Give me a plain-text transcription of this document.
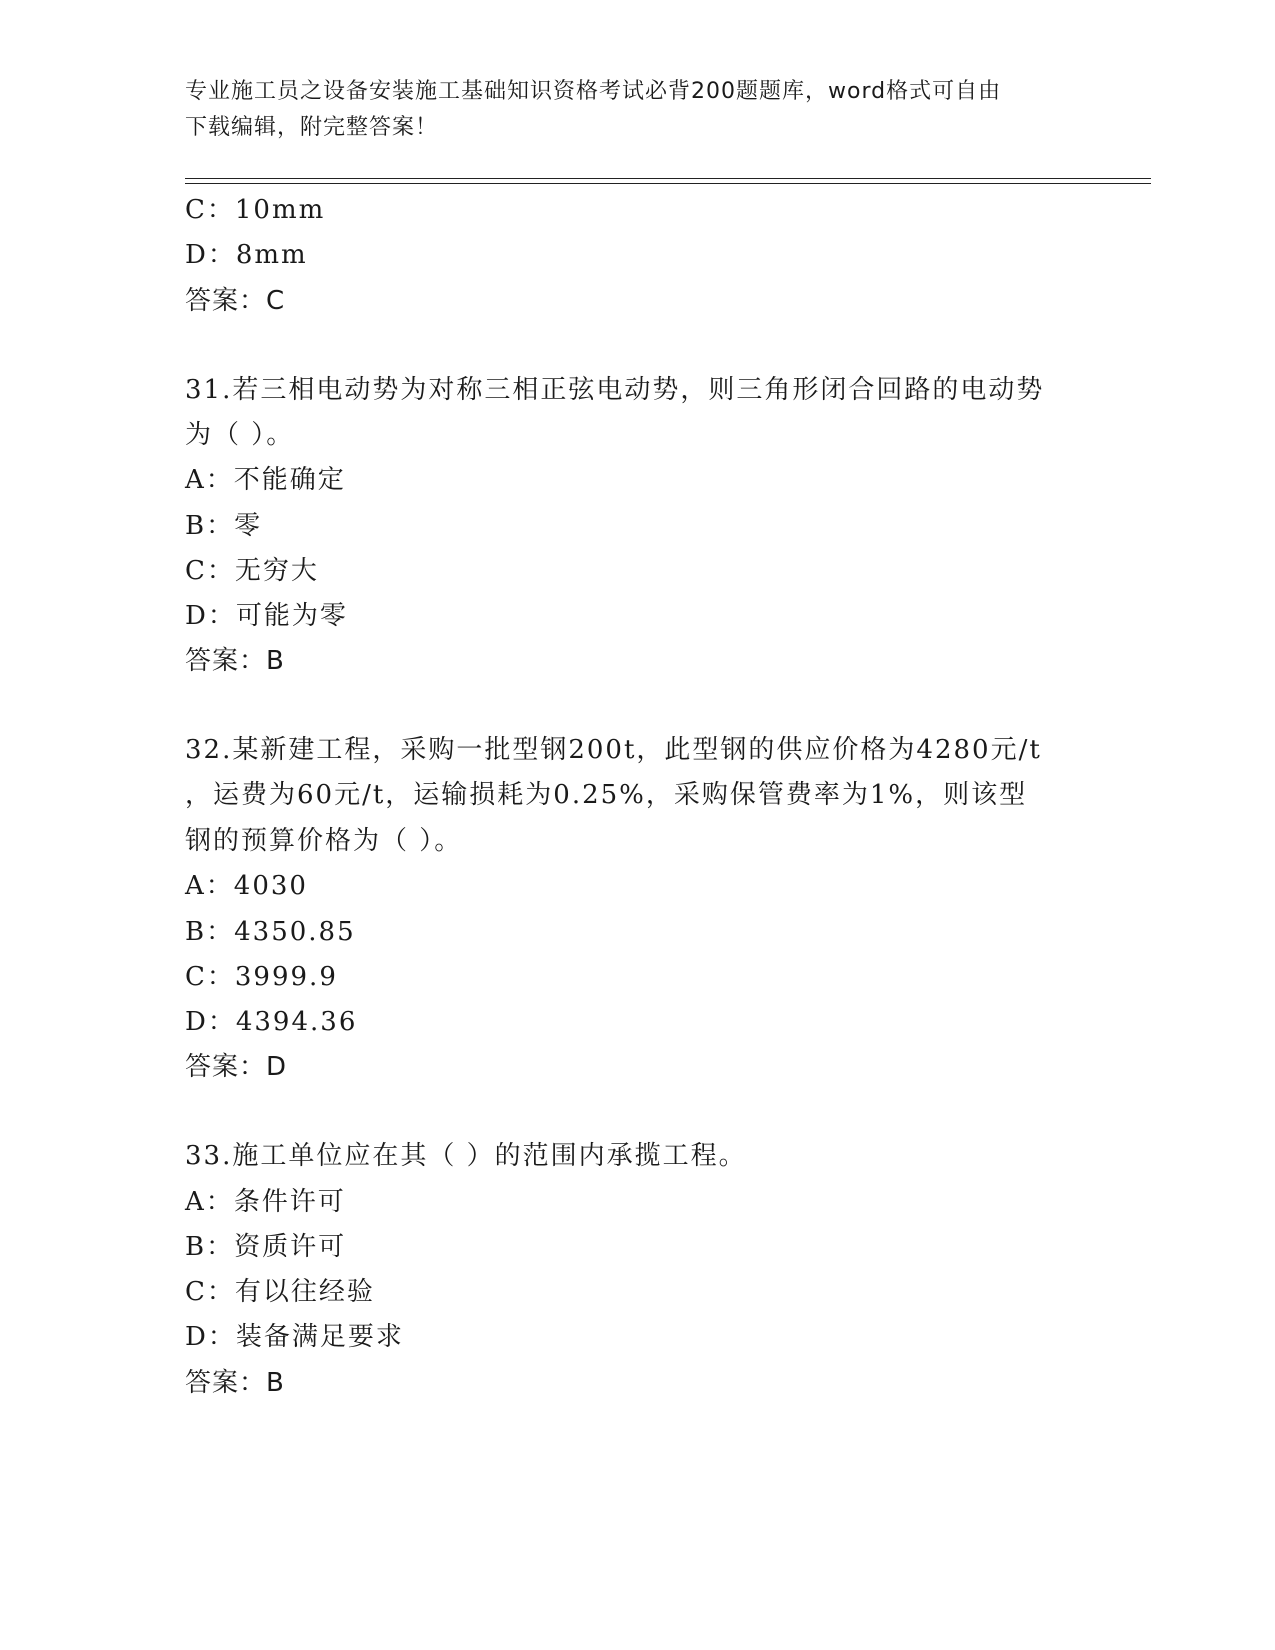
专业施工员之设备安装施工基础知识资格考试必背200题题库，word格式可自由
下载编辑，附完整答案！
C：10mm
D：8mm
答案：C
31.若三相电动势为对称三相正弦电动势，则三角形闭合回路的电动势
为（ ）。
A：不能确定
B：零
C：无穷大
D：可能为零
答案：B
32.某新建工程，采购一批型钢200t，此型钢的供应价格为4280元/t
，运费为60元/t，运输损耗为0.25%，采购保管费率为1%，则该型
钢的预算价格为（ ）。
A：4030
B：4350.85
C：3999.9
D：4394.36
答案：D
33.施工单位应在其（ ）的范围内承揽工程。
A：条件许可
B：资质许可
C：有以往经验
D：装备满足要求
答案：B
